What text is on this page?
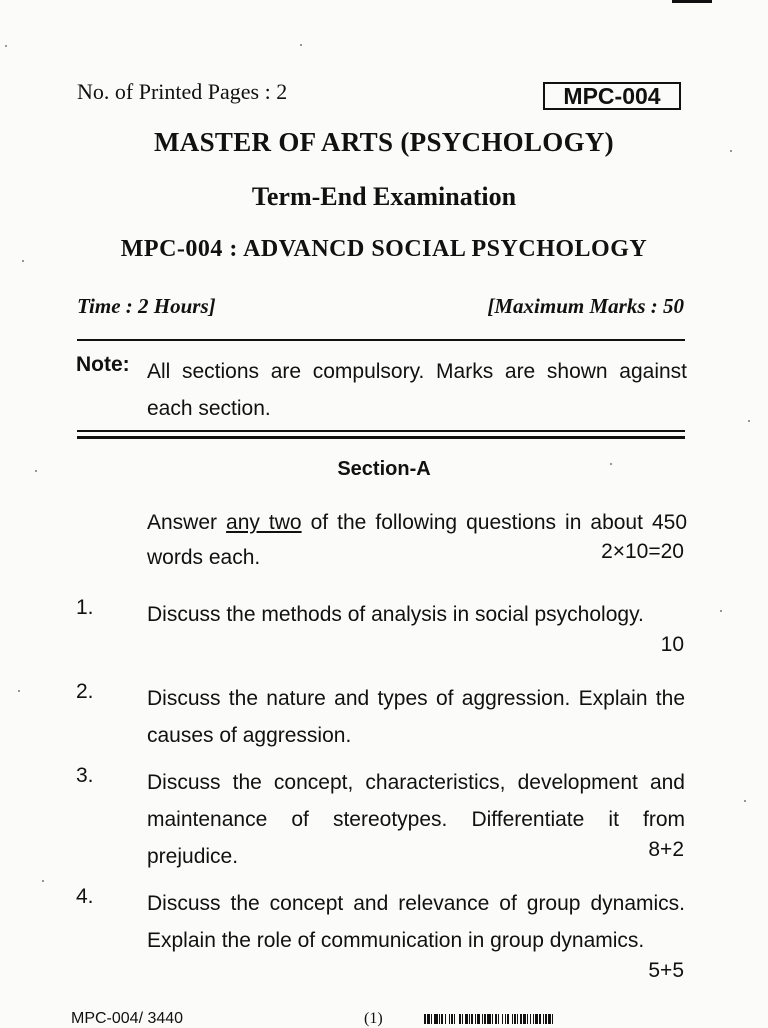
No. of Printed Pages : 2	MPC-004
MASTER OF ARTS (PSYCHOLOGY)
Term-End Examination
MPC-004 : ADVANCD SOCIAL PSYCHOLOGY
Time : 2 Hours]	[Maximum Marks : 50
Note: All sections are compulsory. Marks are shown against each section.
Section-A
Answer any two of the following questions in about 450 words each.	2×10=20
1.	Discuss the methods of analysis in social psychology.
10
2.	Discuss the nature and types of aggression. Explain the causes of aggression.
3.	Discuss the concept, characteristics, development and maintenance of stereotypes. Differentiate it from prejudice.	8+2
4.	Discuss the concept and relevance of group dynamics. Explain the role of communication in group dynamics.
5+5
MPC-004/ 3440	(1)
